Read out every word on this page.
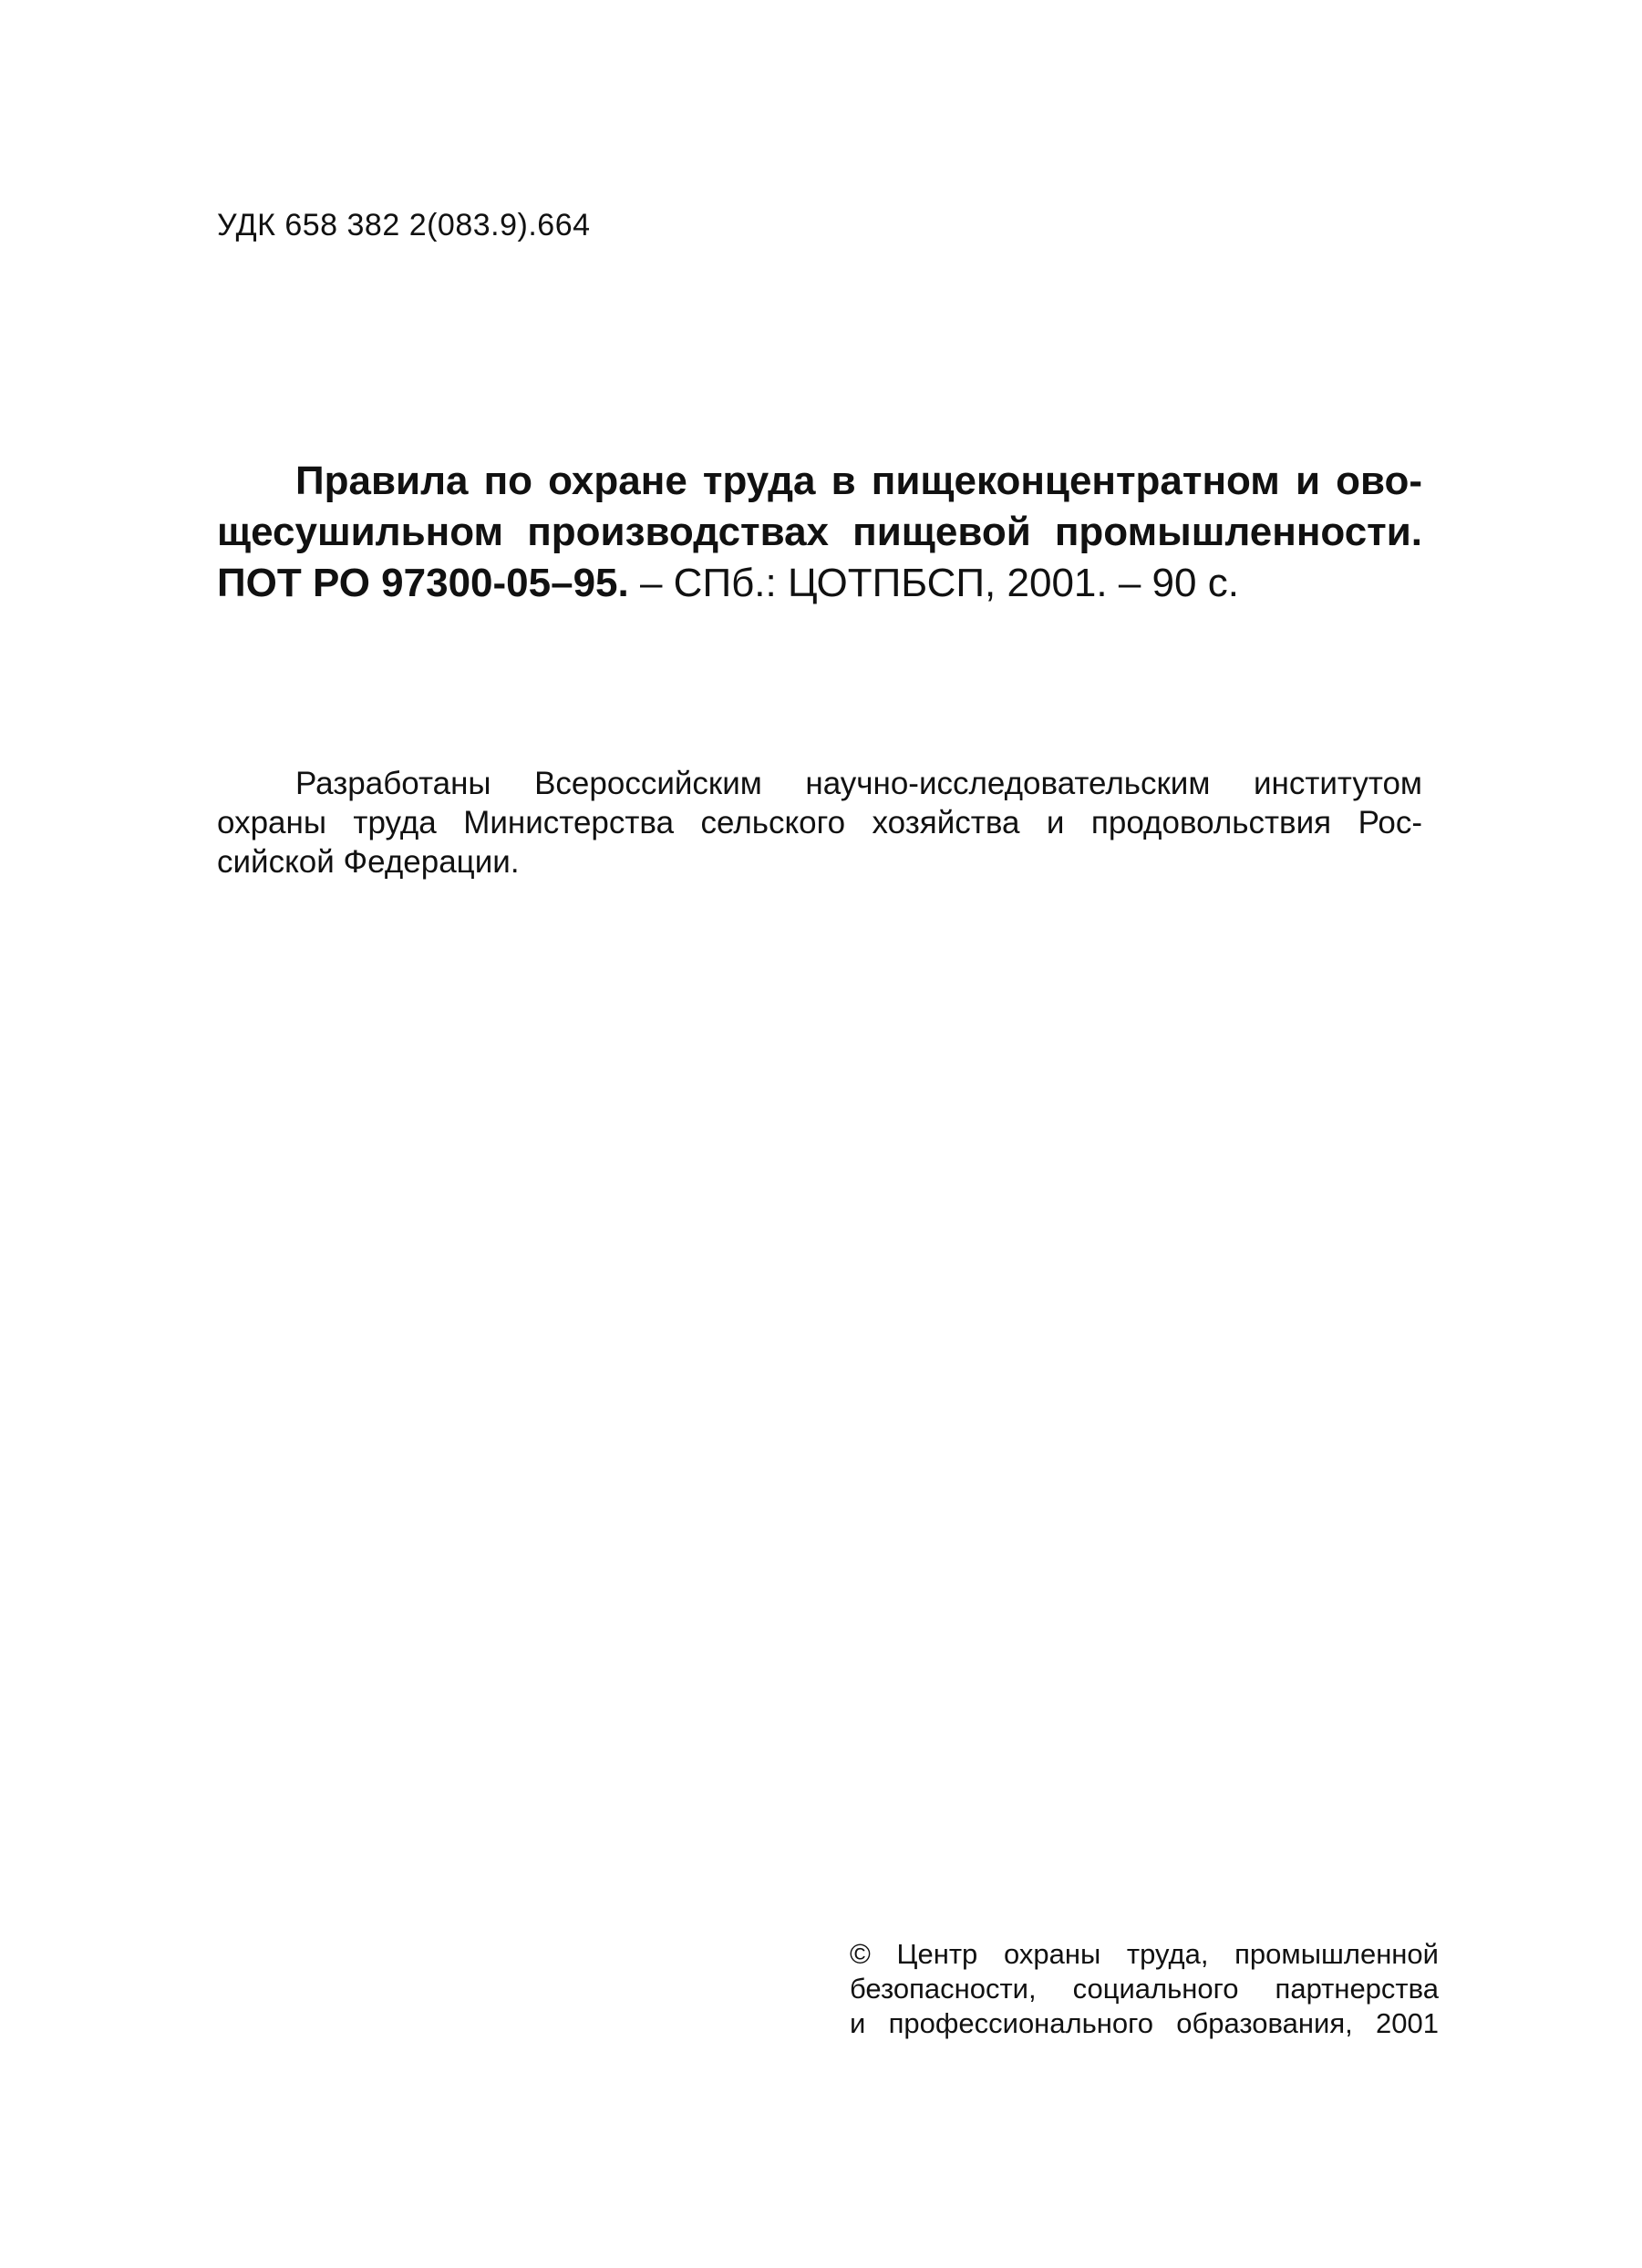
УДК 658 382 2(083.9).664
Правила по охране труда в пищеконцентратном и ово-
щесушильном производствах пищевой промышленности.
ПОТ РО 97300-05–95. – СПб.: ЦОТПБСП, 2001. – 90 с.
Разработаны Всероссийским научно-исследовательским институтом
охраны труда Министерства сельского хозяйства и продовольствия Рос-
сийской Федерации.
© Центр охраны труда, промышленной
безопасности, социального партнерства
и профессионального образования, 2001
